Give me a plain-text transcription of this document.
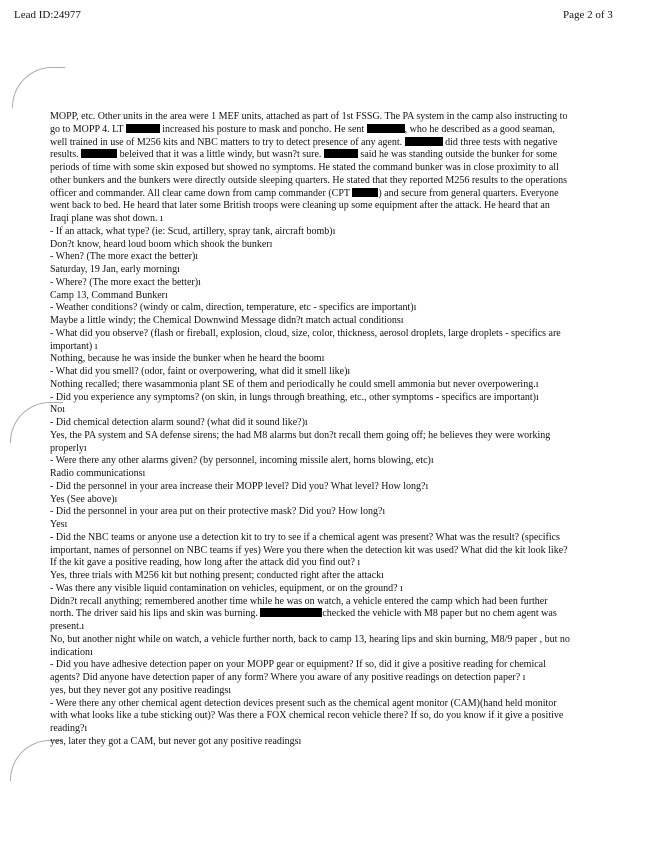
Lead ID:24977	Page 2 of 3

MOPP, etc. Other units in the area were 1 MEF units, attached as part of 1st FSSG. The PA system in the camp also instructing to go to MOPP 4. LT	increased his posture to mask and poncho. He sent	, who he described as a good seaman, well trained in use of M256 kits and NBC matters to try to detect presence of any agent.	did three tests with negative results.	beleived that it was a little windy, but wasn?t sure.	said he was standing outside the bunker for some periods of time with some skin exposed but showed no symptoms. He stated the command bunker was in close proximity to all other bunkers and the bunkers were directly outside sleeping quarters. He stated that they reported M256 results to the operations officer and commander. All clear came down from camp commander (CPT	) and secure from general quarters. Everyone went back to bed. He heard that later some British troops were cleaning up some equipment after the attack. He heard that an Iraqi plane was shot down. ı

- If an attack, what type? (ie: Scud, artillery, spray tank, aircraft bomb)ı

Don?t know, heard loud boom which shook the bunkerı

- When? (The more exact the better)ı

Saturday, 19 Jan, early morningı

- Where? (The more exact the better)ı

Camp 13, Command Bunkerı

- Weather conditions? (windy or calm, direction, temperature, etc - specifics are important)ı

Maybe a little windy; the Chemical Downwind Message didn?t match actual conditionsı

- What did you observe? (flash or fireball, explosion, cloud, size, color, thickness, aerosol droplets, large droplets - specifics are important) ı

Nothing, because he was inside the bunker when he heard the boomı

- What did you smell? (odor, faint or overpowering, what did it smell like)ı

Nothing recalled; there wasammonia plant SE of them and periodically he could smell ammonia but never overpowering.ı

- Did you experience any symptoms? (on skin, in lungs through breathing, etc., other symptoms - specifics are important)ı

Noı

- Did chemical detection alarm sound? (what did it sound like?)ı

Yes, the PA system and SA defense sirens; the had M8 alarms but don?t recall them going off; he believes they were working properlyı

- Were there any other alarms given? (by personnel, incoming missile alert, horns blowing, etc)ı

Radio communicationsı

- Did the personnel in your area increase their MOPP level? Did you? What level? How long?ı

Yes (See above)ı

- Did the personnel in your area put on their protective mask? Did you? How long?ı

Yesı

- Did the NBC teams or anyone use a detection kit to try to see if a chemical agent was present? What was the result? (specifics important, names of personnel on NBC teams if yes) Were you there when the detection kit was used? What did the kit look like? If the kit gave a positive reading, how long after the attack did you find out? ı

Yes, three trials with M256 kit but nothing present; conducted right after the attackı

- Was there any visible liquid contamination on vehicles, equipment, or on the ground? ı

Didn?t recall anything; remembered another time while he was on watch, a vehicle entered the camp which had been further north. The driver said his lips and skin was burning.	checked the vehicle with M8 paper but no chem agent was present.ı

No, but another night while on watch, a vehicle further north, back to camp 13, hearing lips and skin burning, M8/9 paper , but no indicationı

- Did you have adhesive detection paper on your MOPP gear or equipment? If so, did it give a positive reading for chemical agents? Did anyone have detection paper of any form? Where you aware of any positive readings on detection paper? ı

yes, but they never got any positive readingsı

- Were there any other chemical agent detection devices present such as the chemical agent monitor (CAM)(hand held monitor with what looks like a tube sticking out)? Was there a FOX chemical recon vehicle there? If so, do you know if it give a positive reading?ı

yes, later they got a CAM, but never got any positive readingsı
